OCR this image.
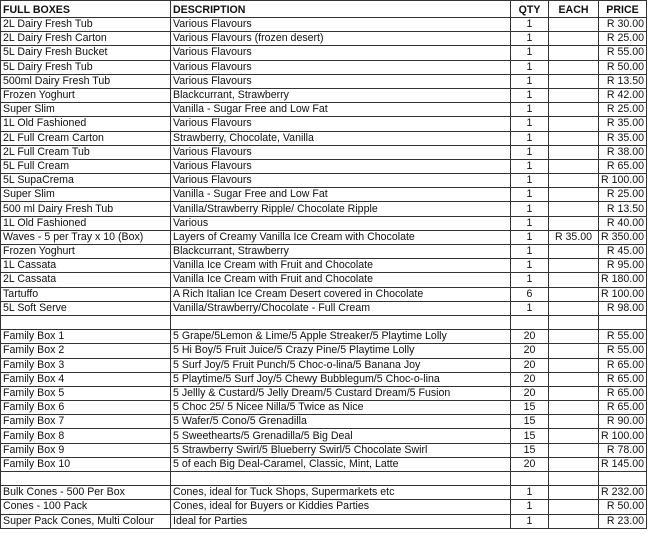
FULL BOXES	DESCRIPTION	QTY	EACH	PRICE
2L Dairy Fresh Tub	Various Flavours	1		R 30.00
2L Dairy Fresh Carton	Various Flavours (frozen desert)	1		R 25.00
5L Dairy Fresh Bucket	Various Flavours	1		R 55.00
5L Dairy Fresh Tub	Various Flavours	1		R 50.00
500ml Dairy Fresh Tub	Various Flavours	1		R 13.50
Frozen Yoghurt	Blackcurrant, Strawberry	1		R 42.00
Super Slim	Vanilla - Sugar Free and Low Fat	1		R 25.00
1L Old Fashioned	Various Flavours	1		R 35.00
2L Full Cream Carton	Strawberry, Chocolate, Vanilla	1		R 35.00
2L Full Cream Tub	Various Flavours	1		R 38.00
5L Full Cream	Various Flavours	1		R 65.00
5L SupaCrema	Various Flavours	1		R 100.00
Super Slim	Vanilla - Sugar Free and Low Fat	1		R 25.00
500 ml Dairy Fresh Tub	Vanilla/Strawberry Ripple/ Chocolate Ripple	1		R 13.50
1L Old Fashioned	Various	1		R 40.00
Waves - 5 per Tray x 10 (Box)	Layers of Creamy Vanilla Ice Cream with Chocolate	1	R 35.00	R 350.00
Frozen Yoghurt	Blackcurrant, Strawberry	1		R 45.00
1L Cassata	Vanilla Ice Cream with Fruit and Chocolate	1		R 95.00
2L Cassata	Vanilla Ice Cream with Fruit and Chocolate	1		R 180.00
Tartuffo	A Rich Italian Ice Cream Desert covered in Chocolate	6		R 100.00
5L Soft Serve	Vanilla/Strawberry/Chocolate - Full Cream	1		R 98.00

Family Box 1	5 Grape/5Lemon & Lime/5 Apple Streaker/5 Playtime Lolly	20		R 55.00
Family Box 2	5 Hi Boy/5 Fruit Juice/5 Crazy Pine/5 Playtime Lolly	20		R 55.00
Family Box 3	5 Surf Joy/5 Fruit Punch/5 Choc-o-lina/5 Banana Joy	20		R 65.00
Family Box 4	5 Playtime/5 Surf Joy/5 Chewy Bubblegum/5 Choc-o-lina	20		R 65.00
Family Box 5	5 Jellly & Custard/5 Jelly Dream/5 Custard Dream/5 Fusion	20		R 65.00
Family Box 6	5 Choc 25/ 5 Nicee Nilla/5 Twice as Nice	15		R 65.00
Family Box 7	5 Wafer/5 Cono/5 Grenadilla	15		R 90.00
Family Box 8	5 Sweethearts/5 Grenadilla/5 Big Deal	15		R 100.00
Family Box 9	5 Strawberry Swirl/5 Blueberry Swirl/5 Chocolate Swirl	15		R 78.00
Family Box 10	5 of each Big Deal-Caramel, Classic, Mint, Latte	20		R 145.00

Bulk Cones - 500 Per Box	Cones, ideal for Tuck Shops, Supermarkets etc	1		R 232.00
Cones - 100 Pack	Cones, ideal for Buyers or Kiddies Parties	1		R 50.00
Super Pack Cones, Multi Colour	Ideal for Parties	1		R 23.00
